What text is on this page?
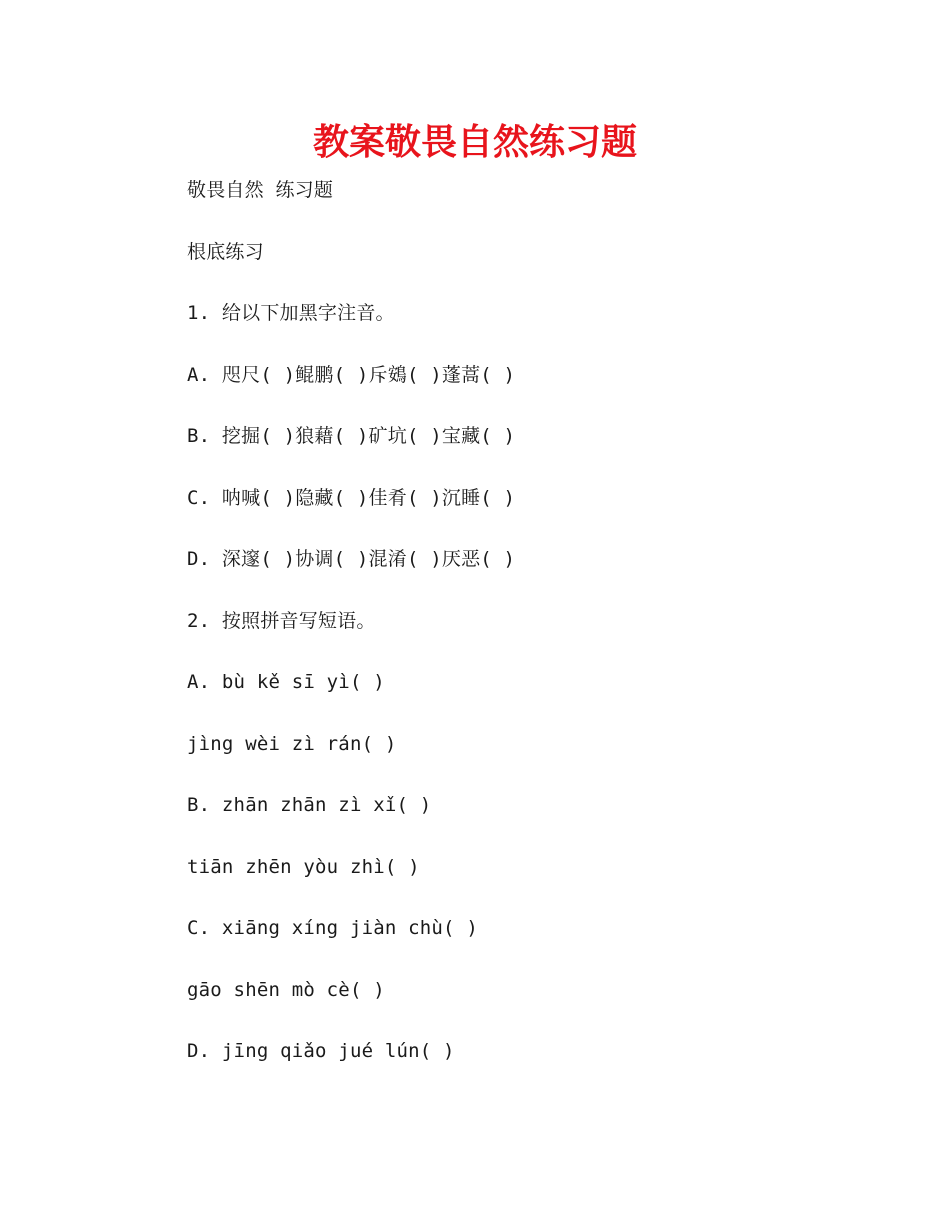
教案敬畏自然练习题
敬畏自然 练习题
根底练习
1. 给以下加黑字注音。
A. 咫尺( )鲲鹏( )斥鴳( )蓬蒿( )
B. 挖掘( )狼藉( )矿坑( )宝藏( )
C. 呐喊( )隐藏( )佳肴( )沉睡( )
D. 深邃( )协调( )混淆( )厌恶( )
2. 按照拼音写短语。
A. bù kě sī yì( )
jìng wèi zì rán( )
B. zhān zhān zì xǐ( )
tiān zhēn yòu zhì( )
C. xiāng xíng jiàn chù( )
gāo shēn mò cè( )
D. jīng qiǎo jué lún( )
